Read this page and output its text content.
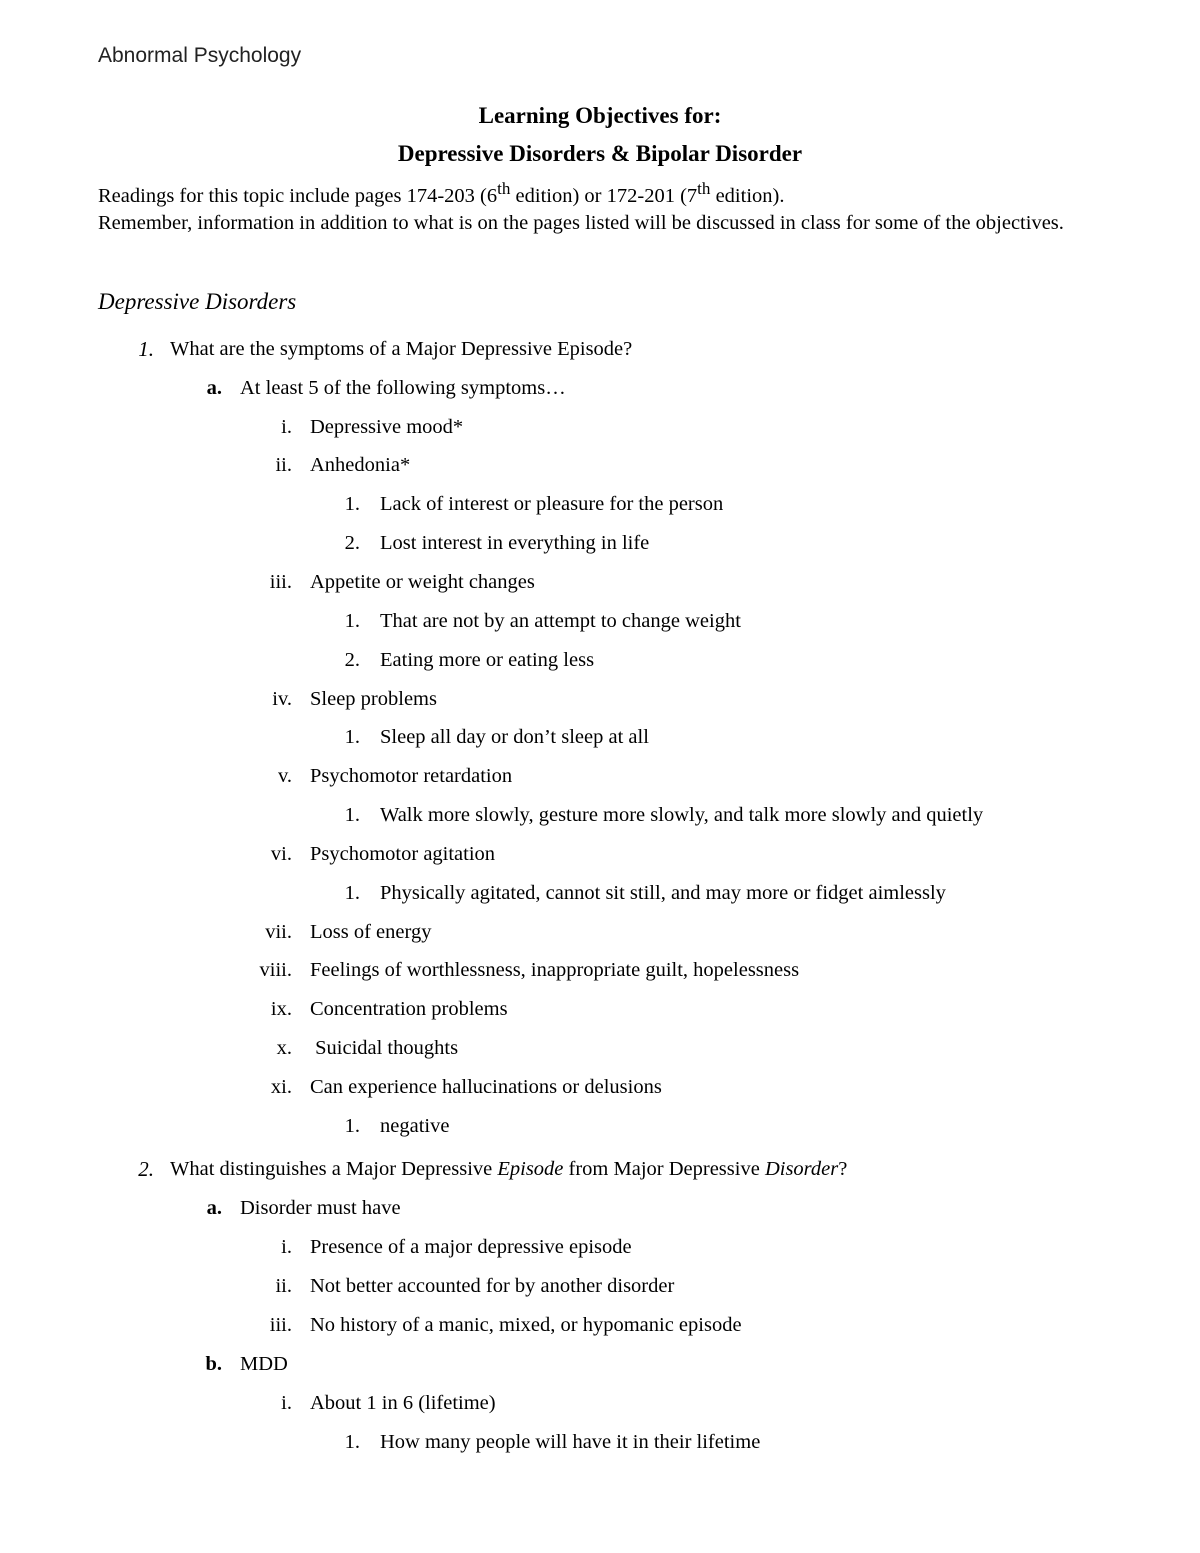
Abnormal Psychology
Learning Objectives for:
Depressive Disorders & Bipolar Disorder

Readings for this topic include pages 174-203 (6th edition) or 172-201 (7th edition).

Remember, information in addition to what is on the pages listed will be discussed in class for some of the objectives.

Depressive Disorders
1. What are the symptoms of a Major Depressive Episode?
a. At least 5 of the following symptoms…
i. Depressive mood*
ii. Anhedonia*
1. Lack of interest or pleasure for the person
2. Lost interest in everything in life
iii. Appetite or weight changes
1. That are not by an attempt to change weight
2. Eating more or eating less
iv. Sleep problems
1. Sleep all day or don’t sleep at all
v. Psychomotor retardation
1. Walk more slowly, gesture more slowly, and talk more slowly and quietly
vi. Psychomotor agitation
1. Physically agitated, cannot sit still, and may more or fidget aimlessly
vii. Loss of energy
viii. Feelings of worthlessness, inappropriate guilt, hopelessness
ix. Concentration problems
x. Suicidal thoughts
xi. Can experience hallucinations or delusions
1. negative
2. What distinguishes a Major Depressive Episode from Major Depressive Disorder?
a. Disorder must have
i. Presence of a major depressive episode
ii. Not better accounted for by another disorder
iii. No history of a manic, mixed, or hypomanic episode
b. MDD
i. About 1 in 6 (lifetime)
1. How many people will have it in their lifetime
